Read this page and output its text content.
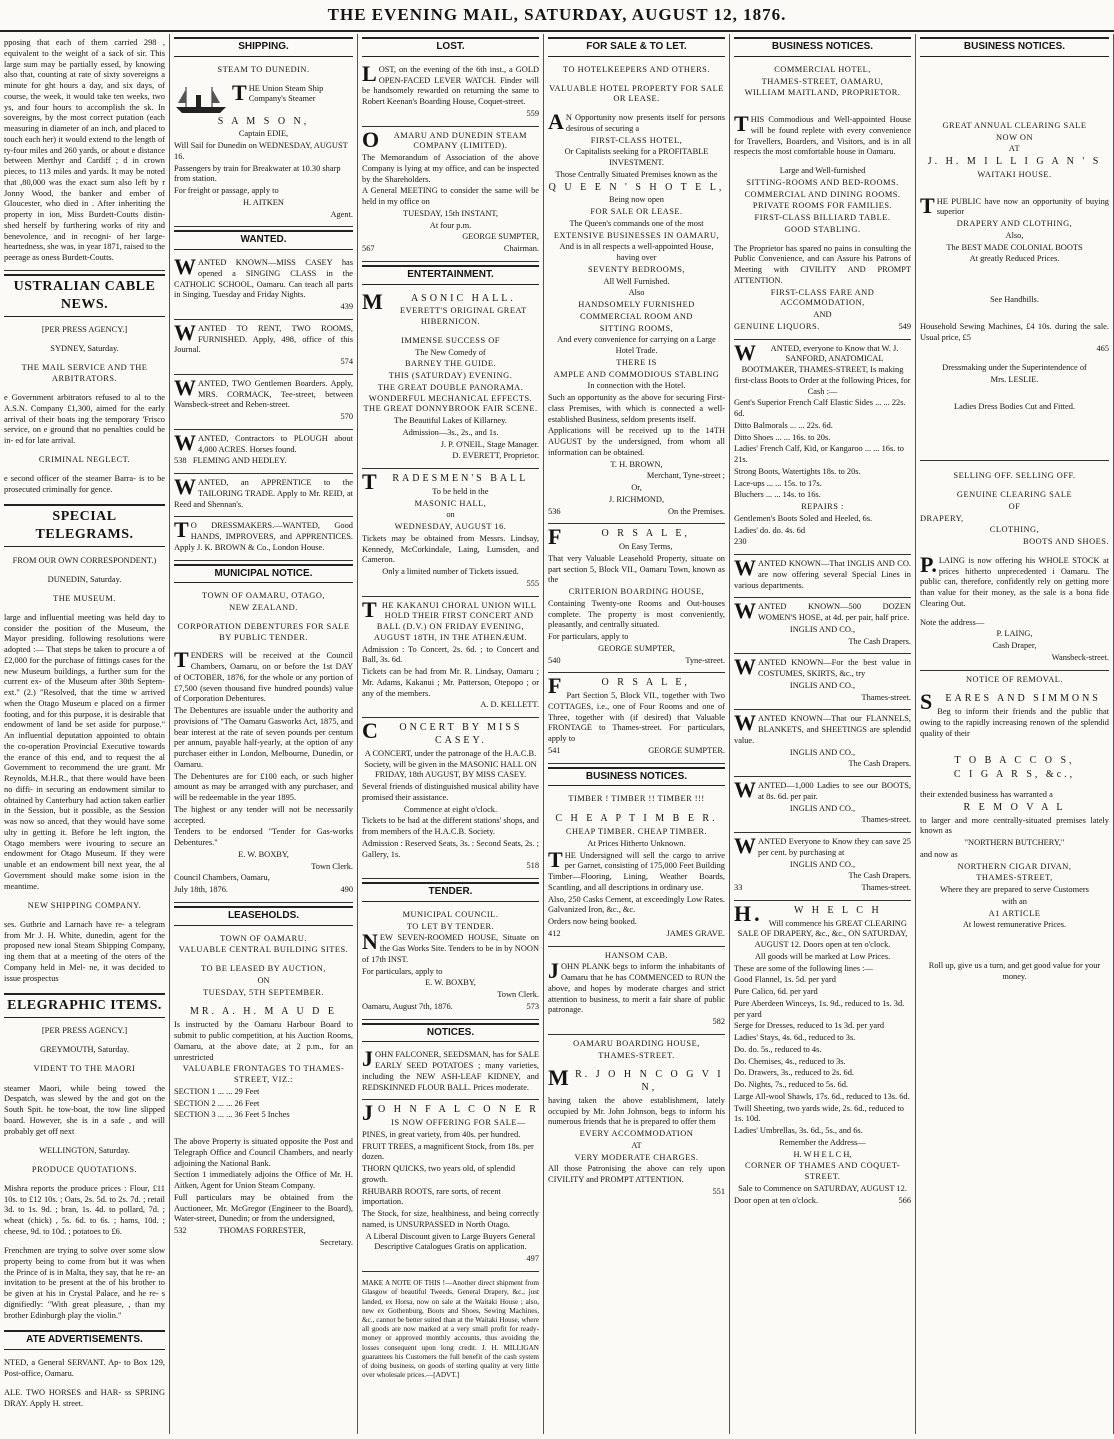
THE EVENING MAIL, SATURDAY, AUGUST 12, 1876.

pposing that each of them carried 298 , equivalent to the weight of a sack of sir. This large sum may be partially essed, by knowing also that, counting at rate of sixty sovereigns a minute for ght hours a day, and six days, of course, the week, it would take ten weeks, two ys, and four hours to accomplish the sk. In sovereigns, by the most correct putation (each measuring in diameter of an inch, and placed to touch each her) it would extend to the length of ty-four miles and 260 yards, or about e distance between Merthyr and Cardiff ; d in crown pieces, to 113 miles and yards. It may be noted that ,80,000 was the exact sum also left by r Jonny Wood, the banker and ember of Gloucester, who died in . After inheriting the property in ion, Miss Burdett-Coutts distin- shed herself by furthering works of rity and benevolence, and in recogni- of her large-heartedness, she was, in year 1871, raised to the peerage as oness Burdett-Coutts.

USTRALIAN CABLE NEWS.

[PER PRESS AGENCY.]

SYDNEY, Saturday.

THE MAIL SERVICE AND THE ARBITRATORS.

e Government arbitrators refused to al to the A.S.N. Company £1,300, aimed for the early arrival of their boats ing the temporary 'Frisco service, on e ground that no penalties could be in- ed for late arrival.

CRIMINAL NEGLECT.

e second officer of the steamer Barra- is to be prosecuted criminally for gence.

SPECIAL TELEGRAMS.

FROM OUR OWN CORRESPONDENT.)

DUNEDIN, Saturday.

THE MUSEUM.

large and influential meeting was held day to consider the position of the Museum, the Mayor presiding. following resolutions were adopted :— That steps be taken to procure a of £2,000 for the purchase of fittings cases for the new Museum buildings, a further sum for the current ex- of the Museum after 30th Septem- ext." (2.) "Resolved, that the time w arrived when the Otago Museum e placed on a firmer footing, and for this purpose, it is desirable that endowment of land be set aside for purpose." An influential deputation appointed to obtain the co-operation Provincial Executive towards the erance of this end, and to request the al Government to recommend the ure grant. Mr Reynolds, M.H.R., that there would have been no diffi- in securing an endowment similar to obtained by Canterbury had action taken earlier in the Session, but it possible, as the Session was now so anced, that they would have some ulty in getting it. Before he left ington, the Otago members were ivouring to secure an endowment for Otago Museum. If they were unable et an endowment bill next year, the al Government should make some ision in the meantime.

NEW SHIPPING COMPANY.

ses. Guthrie and Larnach have re- a telegram from Mr J. H. White, dunedin, agent for the proposed new ional Steam Shipping Company, ing them that at a meeting of the oters of the Company held in Mel- ne, it was decided to issue prospectus

ELEGRAPHIC ITEMS.

[PER PRESS AGENCY.]

GREYMOUTH, Saturday.

VIDENT TO THE MAORI

steamer Maori, while being towed the Despatch, was slewed by the and got on the South Spit. he tow-boat, the tow line slipped board. However, she is in a safe , and will probably get off next

WELLINGTON, Saturday.

PRODUCE QUOTATIONS.

Mishra reports the produce prices : Flour, £11 10s. to £12 10s. ; Oats, 2s. 5d. to 2s. 7d. ; retail 3d. to 1s. 9d. ; bran, 1s. 4d. to pollard, 7d. ; wheat (chick) , 5s. 6d. to 6s. ; hams, 10d. ; cheese, 9d. to 10d. ; potatoes to £6.

Frenchmen are trying to solve over some slow property being to come from but it was when the Prince of is in Malta, they say, that he re- an invitation to be present at the of his brother to be given at his in Crystal Palace, and he re- s dignifiedly: "With great pleasure, , than my brother Edinburgh play the violin."

ATE ADVERTISEMENTS.

NTED, a General SERVANT. Ap- to Box 129, Post-office, Oamaru.

ALE. TWO HORSES and HAR- ss SPRING DRAY. Apply H. street.

SHIPPING.

STEAM TO DUNEDIN.

THE Union Steam Ship Company's Steamer

S A M S O N,

Captain EDIE,

Will Sail for Dunedin on WEDNESDAY, AUGUST 16.

Passengers by train for Breakwater at 10.30 sharp from station.

For freight or passage, apply to

H. AITKEN

Agent.

WANTED.

WANTED KNOWN—MISS CASEY has opened a SINGING CLASS in the CATHOLIC SCHOOL, Oamaru. Can teach all parts in Singing. Tuesday and Friday Nights.

439

WANTED TO RENT, TWO ROOMS, FURNISHED. Apply, 498, office of this Journal.

574

WANTED, TWO Gentlemen Boarders. Apply, MRS. CORMACK, Tee-street, between Wansbeck-street and Reben-street.

570

WANTED, Contractors to PLOUGH about 4,000 ACRES. Horses found.

538 FLEMING AND HEDLEY.

WANTED, an APPRENTICE to the TAILORING TRADE. Apply to Mr. REID, at Reed and Shennan's.

TO DRESSMAKERS.—WANTED, Good HANDS, IMPROVERS, and APPRENTICES. Apply J. K. BROWN & Co., London House.

MUNICIPAL NOTICE.

TOWN OF OAMARU, OTAGO,

NEW ZEALAND.

CORPORATION DEBENTURES FOR SALE BY PUBLIC TENDER.

TENDERS will be received at the Council Chambers, Oamaru, on or before the 1st DAY of OCTOBER, 1876, for the whole or any portion of £7,500 (seven thousand five hundred pounds) value of Corporation Debentures.

The Debentures are issuable under the authority and provisions of "The Oamaru Gasworks Act, 1875, and bear interest at the rate of seven pounds per centum per annum, payable half-yearly, at the option of any purchaser either in London, Melbourne, Dunedin, or Oamaru.

The Debentures are for £100 each, or such higher amount as may be arranged with any purchaser, and will be redeemable in the year 1895.

The highest or any tender will not be necessarily accepted.

Tenders to be endorsed "Tender for Gas-works Debentures."

E. W. BOXBY,

Town Clerk.

Council Chambers, Oamaru,

July 18th, 1876.	490

LEASEHOLDS.

TOWN OF OAMARU.

VALUABLE CENTRAL BUILDING SITES.

TO BE LEASED BY AUCTION,

ON

TUESDAY, 5TH SEPTEMBER.

MR. A. H. M A U D E

Is instructed by the Oamaru Harbour Board to submit to public competition, at his Auction Rooms, Oamaru, at the above date, at 2 p.m., for an unrestricted

VALUABLE FRONTAGES TO THAMES-STREET, VIZ.:

SECTION 1 ... ... 29 Feet

SECTION 2 ... ... 26 Feet

SECTION 3 ... ... 36 Feet 5 Inches

The above Property is situated opposite the Post and Telegraph Office and Council Chambers, and nearly adjoining the National Bank.

Section 1 immediately adjoins the Office of Mr. H. Aitken, Agent for Union Steam Company.

Full particulars may be obtained from the Auctioneer, Mr. McGregor (Engineer to the Board), Water-street, Dunedin; or from the undersigned,

532	THOMAS FORRESTER,

Secretary.

LOST.

LOST, on the evening of the 6th inst., a GOLD OPEN-FACED LEVER WATCH. Finder will be handsomely rewarded on returning the same to Robert Keenan's Boarding House, Coquet-street.

559

OAMARU AND DUNEDIN STEAM COMPANY (LIMITED).

The Memorandum of Association of the above Company is lying at my office, and can be inspected by the Shareholders.

A General MEETING to consider the same will be held in my office on

TUESDAY, 15th INSTANT,

At four p.m.

GEORGE SUMPTER,

567	Chairman.

ENTERTAINMENT.

MASONIC HALL.

EVERETT'S ORIGINAL GREAT HIBERNICON.

IMMENSE SUCCESS OF

The New Comedy of

BARNEY THE GUIDE.

THIS (SATURDAY) EVENING.

THE GREAT DOUBLE PANORAMA. WONDERFUL MECHANICAL EFFECTS. THE GREAT DONNYBROOK FAIR SCENE.

The Beautiful Lakes of Killarney.

Admission—3s., 2s., and 1s.

J. P. O'NEIL, Stage Manager.

D. EVERETT, Proprietor.

TRADESMEN'S BALL

To be held in the

MASONIC HALL,

on

WEDNESDAY, AUGUST 16.

Tickets may be obtained from Messrs. Lindsay, Kennedy, McCorkindale, Laing, Lumsden, and Cameron.

Only a limited number of Tickets issued.

555

THE KAKANUI CHORAL UNION WILL HOLD THEIR FIRST CONCERT AND BALL (D.V.) ON FRIDAY EVENING, AUGUST 18TH, IN THE ATHENÆUM.

Admission : To Concert, 2s. 6d. ; to Concert and Ball, 3s. 6d.

Tickets can be had from Mr. R. Lindsay, Oamaru ; Mr. Adams, Kakanui ; Mr. Patterson, Otepopo ; or any of the members.

A. D. KELLETT.

CONCERT BY MISS CASEY.

A CONCERT, under the patronage of the H.A.C.B. Society, will be given in the MASONIC HALL ON FRIDAY, 18th AUGUST, BY MISS CASEY.

Several friends of distinguished musical ability have promised their assistance.

Commence at eight o'clock.

Tickets to be had at the different stations' shops, and from members of the H.A.C.B. Society.

Admission : Reserved Seats, 3s. : Second Seats, 2s. ; Gallery, 1s.

518

TENDER.

MUNICIPAL COUNCIL.

TO LET BY TENDER.

NEW SEVEN-ROOMED HOUSE, Situate on the Gas Works Site. Tenders to be in by NOON of 17th INST.

For particulars, apply to

E. W. BOXBY,

Town Clerk.

Oamaru, August 7th, 1876.	573

NOTICES.

JOHN FALCONER, SEEDSMAN, has for SALE EARLY SEED POTATOES ; many varieties, including the NEW ASH-LEAF KIDNEY, and REDSKINNED FLOUR BALL. Prices moderate.

JO H N F A L C O N E R

IS NOW OFFERING FOR SALE—

PINES, in great variety, from 40s. per hundred.

FRUIT TREES, a magnificent Stock, from 18s. per dozen.

THORN QUICKS, two years old, of splendid growth.

RHUBARB ROOTS, rare sorts, of recent importation.

The Stock, for size, healthiness, and being correctly named, is UNSURPASSED in North Otago.

A Liberal Discount given to Large Buyers General Descriptive Catalogues Gratis on application.

497

MAKE A NOTE OF THIS !—Another direct shipment from Glasgow of beautiful Tweeds, General Drapery, &c., just landed, ex Horsa, now on sale at the Waitaki House ; also, new ex Gothenburg, Boots and Shoes, Sewing Machines, &c., cannot be better suited than at the Waitaki House, where all goods are now marked at a very small profit for ready-money or approved monthly accounts, thus avoiding the losses consequent upon long credit. J. H. MILLIGAN guarantees his Customers the full benefit of the cash system of doing business, on goods of sterling quality at very little over wholesale prices.—[ADVT.]

FOR SALE & TO LET.

TO HOTELKEEPERS AND OTHERS.

VALUABLE HOTEL PROPERTY FOR SALE OR LEASE.

AN Opportunity now presents itself for persons desirous of securing a

FIRST-CLASS HOTEL,

Or Capitalists seeking for a PROFITABLE INVESTMENT.

Those Centrally Situated Premises known as the

Q U E E N ' S H O T E L,

Being now open

FOR SALE OR LEASE.

The Queen's commands one of the most

EXTENSIVE BUSINESSES IN OAMARU,

And is in all respects a well-appointed House, having over

SEVENTY BEDROOMS,

All Well Furnished.

Also

HANDSOMELY FURNISHED

COMMERCIAL ROOM AND

SITTING ROOMS,

And every convenience for carrying on a Large Hotel Trade.

THERE IS

AMPLE AND COMMODIOUS STABLING

In connection with the Hotel.

Such an opportunity as the above for securing First-class Premises, with which is connected a well-established Business, seldom presents itself.

Applications will be received up to the 14TH AUGUST by the undersigned, from whom all information can be obtained.

T. H. BROWN,

Merchant, Tyne-street ;

Or,

J. RICHMOND,

536	On the Premises.

FO R S A L E,

On Easy Terms,

That very Valuable Leasehold Property, situate on part section 5, Block VII., Oamaru Town, known as the

CRITERION BOARDING HOUSE,

Containing Twenty-one Rooms and Out-houses complete. The property is most conveniently, pleasantly, and centrally situated.

For particulars, apply to

GEORGE SUMPTER,

540	Tyne-street.

FO R S A L E,

Part Section 5, Block VII., together with Two COTTAGES, i.e., one of Four Rooms and one of Three, together with (if desired) that Valuable FRONTAGE to Thames-street. For particulars, apply to

541	GEORGE SUMPTER.

BUSINESS NOTICES.

TIMBER ! TIMBER !! TIMBER !!!

C H E A P T I M B E R.

CHEAP TIMBER. CHEAP TIMBER.

At Prices Hitherto Unknown.

THE Undersigned will sell the cargo to arrive per Garnet, consisting of 175,000 Feet Building Timber—Flooring, Lining, Weather Boards, Scantling, and all descriptions in ordinary use.

Also, 250 Casks Cement, at exceedingly Low Rates. Galvanized Iron, &c., &c.

Orders now being booked.

412	JAMES GRAVE.

HANSOM CAB.

JOHN PLANK begs to inform the inhabitants of Oamaru that he has COMMENCED to RUN the above, and hopes by moderate charges and strict attention to business, to merit a fair share of public patronage.

582

OAMARU BOARDING HOUSE,

THAMES-STREET.

MR. J O H N C O G V I N,

having taken the above establishment, lately occupied by Mr. John Johnson, begs to inform his numerous friends that he is prepared to offer them

EVERY ACCOMMODATION

AT

VERY MODERATE CHARGES.

All those Patronising the above can rely upon CIVILITY and PROMPT ATTENTION.

551

BUSINESS NOTICES.

COMMERCIAL HOTEL,

THAMES-STREET, OAMARU,

WILLIAM MAITLAND, PROPRIETOR.

THIS Commodious and Well-appointed House will be found replete with every convenience for Travellers, Boarders, and Visitors, and is in all respects the most comfortable house in Oamaru.

Large and Well-furnished

SITTING-ROOMS AND BED-ROOMS.

COMMERCIAL AND DINING ROOMS.

PRIVATE ROOMS FOR FAMILIES.

FIRST-CLASS BILLIARD TABLE.

GOOD STABLING.

The Proprietor has spared no pains in consulting the Public Convenience, and can Assure his Patrons of Meeting with CIVILITY AND PROMPT ATTENTION.

FIRST-CLASS FARE AND ACCOMMODATION,

AND

GENUINE LIQUORS.	549

WANTED, everyone to Know that W. J. SANFORD, ANATOMICAL BOOTMAKER, THAMES-STREET, Is making first-class Boots to Order at the following Prices, for Cash :—

Gent's Superior French Calf Elastic Sides ... ... 22s. 6d.

Ditto Balmorals ... ... 22s. 6d.

Ditto Shoes ... ... 16s. to 20s.

Ladies' French Calf, Kid, or Kangaroo ... ... 16s. to 21s.

Strong Boots, Watertights 18s. to 20s.

Lace-ups ... ... 15s. to 17s.

Bluchers ... ... 14s. to 16s.

REPAIRS :

Gentlemen's Boots Soled and Heeled, 6s.

Ladies' do. do. 4s. 6d

230

WANTED KNOWN—That INGLIS AND CO. are now offering several Special Lines in various departments.

WANTED KNOWN—500 DOZEN WOMEN'S HOSE, at 4d. per pair, half price.

INGLIS AND CO.,

The Cash Drapers.

WANTED KNOWN—For the best value in COSTUMES, SKIRTS, &c., try

INGLIS AND CO.,

Thames-street.

WANTED KNOWN—That our FLANNELS, BLANKETS, and SHEETINGS are splendid value.

INGLIS AND CO.,

The Cash Drapers.

WANTED—1,000 Ladies to see our BOOTS, at 8s. 6d. per pair.

INGLIS AND CO.,

Thames-street.

WANTED Everyone to Know they can save 25 per cent. by purchasing at

INGLIS AND CO.,

The Cash Drapers.

33	Thames-street.

H.W H E L C H

Will commence his GREAT CLEARING SALE OF DRAPERY, &c., &c., ON SATURDAY, AUGUST 12. Doors open at ten o'clock.

All goods will be marked at Low Prices.

These are some of the following lines :—

Good Flannel, 1s. 5d. per yard

Pure Calico, 6d. per yard

Pure Aberdeen Winceys, 1s. 9d., reduced to 1s. 3d. per yard

Serge for Dresses, reduced to 1s 3d. per yard

Ladies' Stays, 4s. 6d., reduced to 3s.

Do. do. 5s., reduced to 4s.

Do. Chemises, 4s., reduced to 3s.

Do. Drawers, 3s., reduced to 2s. 6d.

Do. Nights, 7s., reduced to 5s. 6d.

Large All-wool Shawls, 17s. 6d., reduced to 13s. 6d.

Twill Sheeting, two yards wide, 2s. 6d., reduced to 1s. 10d.

Ladies' Umbrellas, 3s. 6d., 5s., and 6s.

Remember the Address—

H. W H E L C H,

CORNER OF THAMES AND COQUET-STREET.

Sale to Commence on SATURDAY, AUGUST 12.

Door open at ten o'clock.	566

BUSINESS NOTICES.

GREAT ANNUAL CLEARING SALE

NOW ON

AT

J. H. M I L L I G A N ' S

WAITAKI HOUSE.

THE PUBLIC have now an opportunity of buying superior

DRAPERY AND CLOTHING,

Also,

The BEST MADE COLONIAL BOOTS

At greatly Reduced Prices.

See Handbills.

Household Sewing Machines, £4 10s. during the sale. Usual price, £5

465

Dressmaking under the Superintendence of

Mrs. LESLIE.

Ladies Dress Bodies Cut and Fitted.

SELLING OFF. SELLING OFF.

GENUINE CLEARING SALE

OF

DRAPERY,

CLOTHING,

BOOTS AND SHOES.

P.LAING is now offering his WHOLE STOCK at prices hitherto unprecedented i Oamaru. The public can, therefore, confidently rely on getting more than value for their money, as the sale is a bona fide Clearing Out.

Note the address—

P. LAING,

Cash Draper,

Wansbeck-street.

NOTICE OF REMOVAL.

SEARES AND SIMMONS

Beg to inform their friends and the public that owing to the rapidly increasing renown of the splendid quality of their

T O B A C C O S,

C I G A R S, &c.,

their extended business has warranted a

R E M O V A L

to larger and more centrally-situated premises lately known as

"NORTHERN BUTCHERY,"

and now as

NORTHERN CIGAR DIVAN,

THAMES-STREET,

Where they are prepared to serve Customers

with an

A1 ARTICLE

At lowest remunerative Prices.

Roll up, give us a turn, and get good value for your money.
